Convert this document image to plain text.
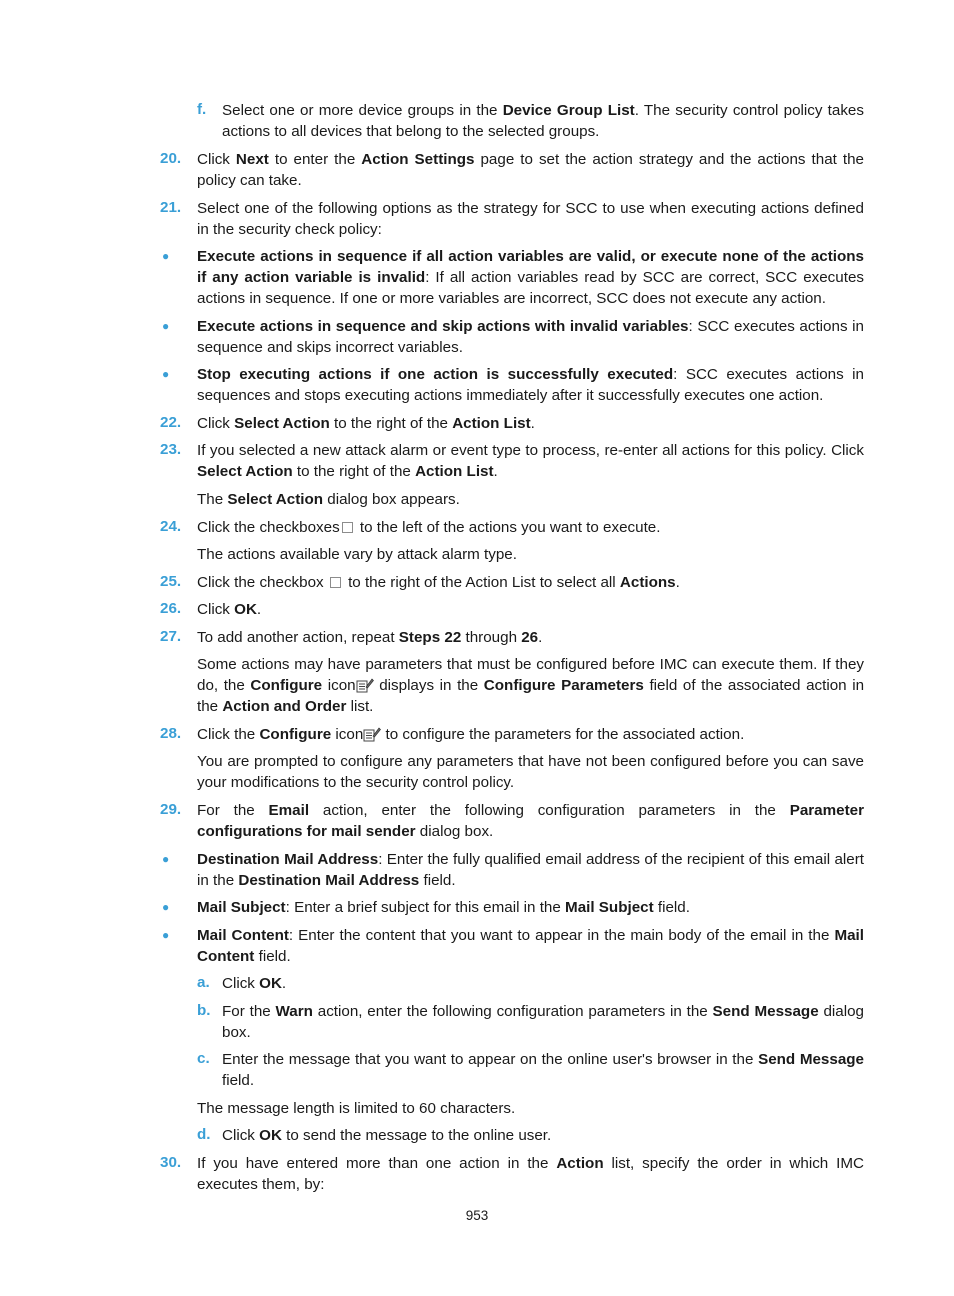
f. Select one or more device groups in the Device Group List. The security control policy takes actions to all devices that belong to the selected groups.
20. Click Next to enter the Action Settings page to set the action strategy and the actions that the policy can take.
21. Select one of the following options as the strategy for SCC to use when executing actions defined in the security check policy:
● Execute actions in sequence if all action variables are valid, or execute none of the actions if any action variable is invalid: If all action variables read by SCC are correct, SCC executes actions in sequence. If one or more variables are incorrect, SCC does not execute any action.
● Execute actions in sequence and skip actions with invalid variables: SCC executes actions in sequence and skips incorrect variables.
● Stop executing actions if one action is successfully executed: SCC executes actions in sequences and stops executing actions immediately after it successfully executes one action.
22. Click Select Action to the right of the Action List.
23. If you selected a new attack alarm or event type to process, re-enter all actions for this policy. Click Select Action to the right of the Action List.
The Select Action dialog box appears.
24. Click the checkboxes to the left of the actions you want to execute.
The actions available vary by attack alarm type.
25. Click the checkbox  to the right of the Action List to select all Actions.
26. Click OK.
27. To add another action, repeat Steps 22 through 26.
Some actions may have parameters that must be configured before IMC can execute them. If they do, the Configure icon displays in the Configure Parameters field of the associated action in the Action and Order list.
28. Click the Configure icon to configure the parameters for the associated action.
You are prompted to configure any parameters that have not been configured before you can save your modifications to the security control policy.
29. For the Email action, enter the following configuration parameters in the Parameter configurations for mail sender dialog box.
● Destination Mail Address: Enter the fully qualified email address of the recipient of this email alert in the Destination Mail Address field.
● Mail Subject: Enter a brief subject for this email in the Mail Subject field.
● Mail Content: Enter the content that you want to appear in the main body of the email in the Mail Content field.
a. Click OK.
b. For the Warn action, enter the following configuration parameters in the Send Message dialog box.
c. Enter the message that you want to appear on the online user's browser in the Send Message field.
The message length is limited to 60 characters.
d. Click OK to send the message to the online user.
30. If you have entered more than one action in the Action list, specify the order in which IMC executes them, by:
953
